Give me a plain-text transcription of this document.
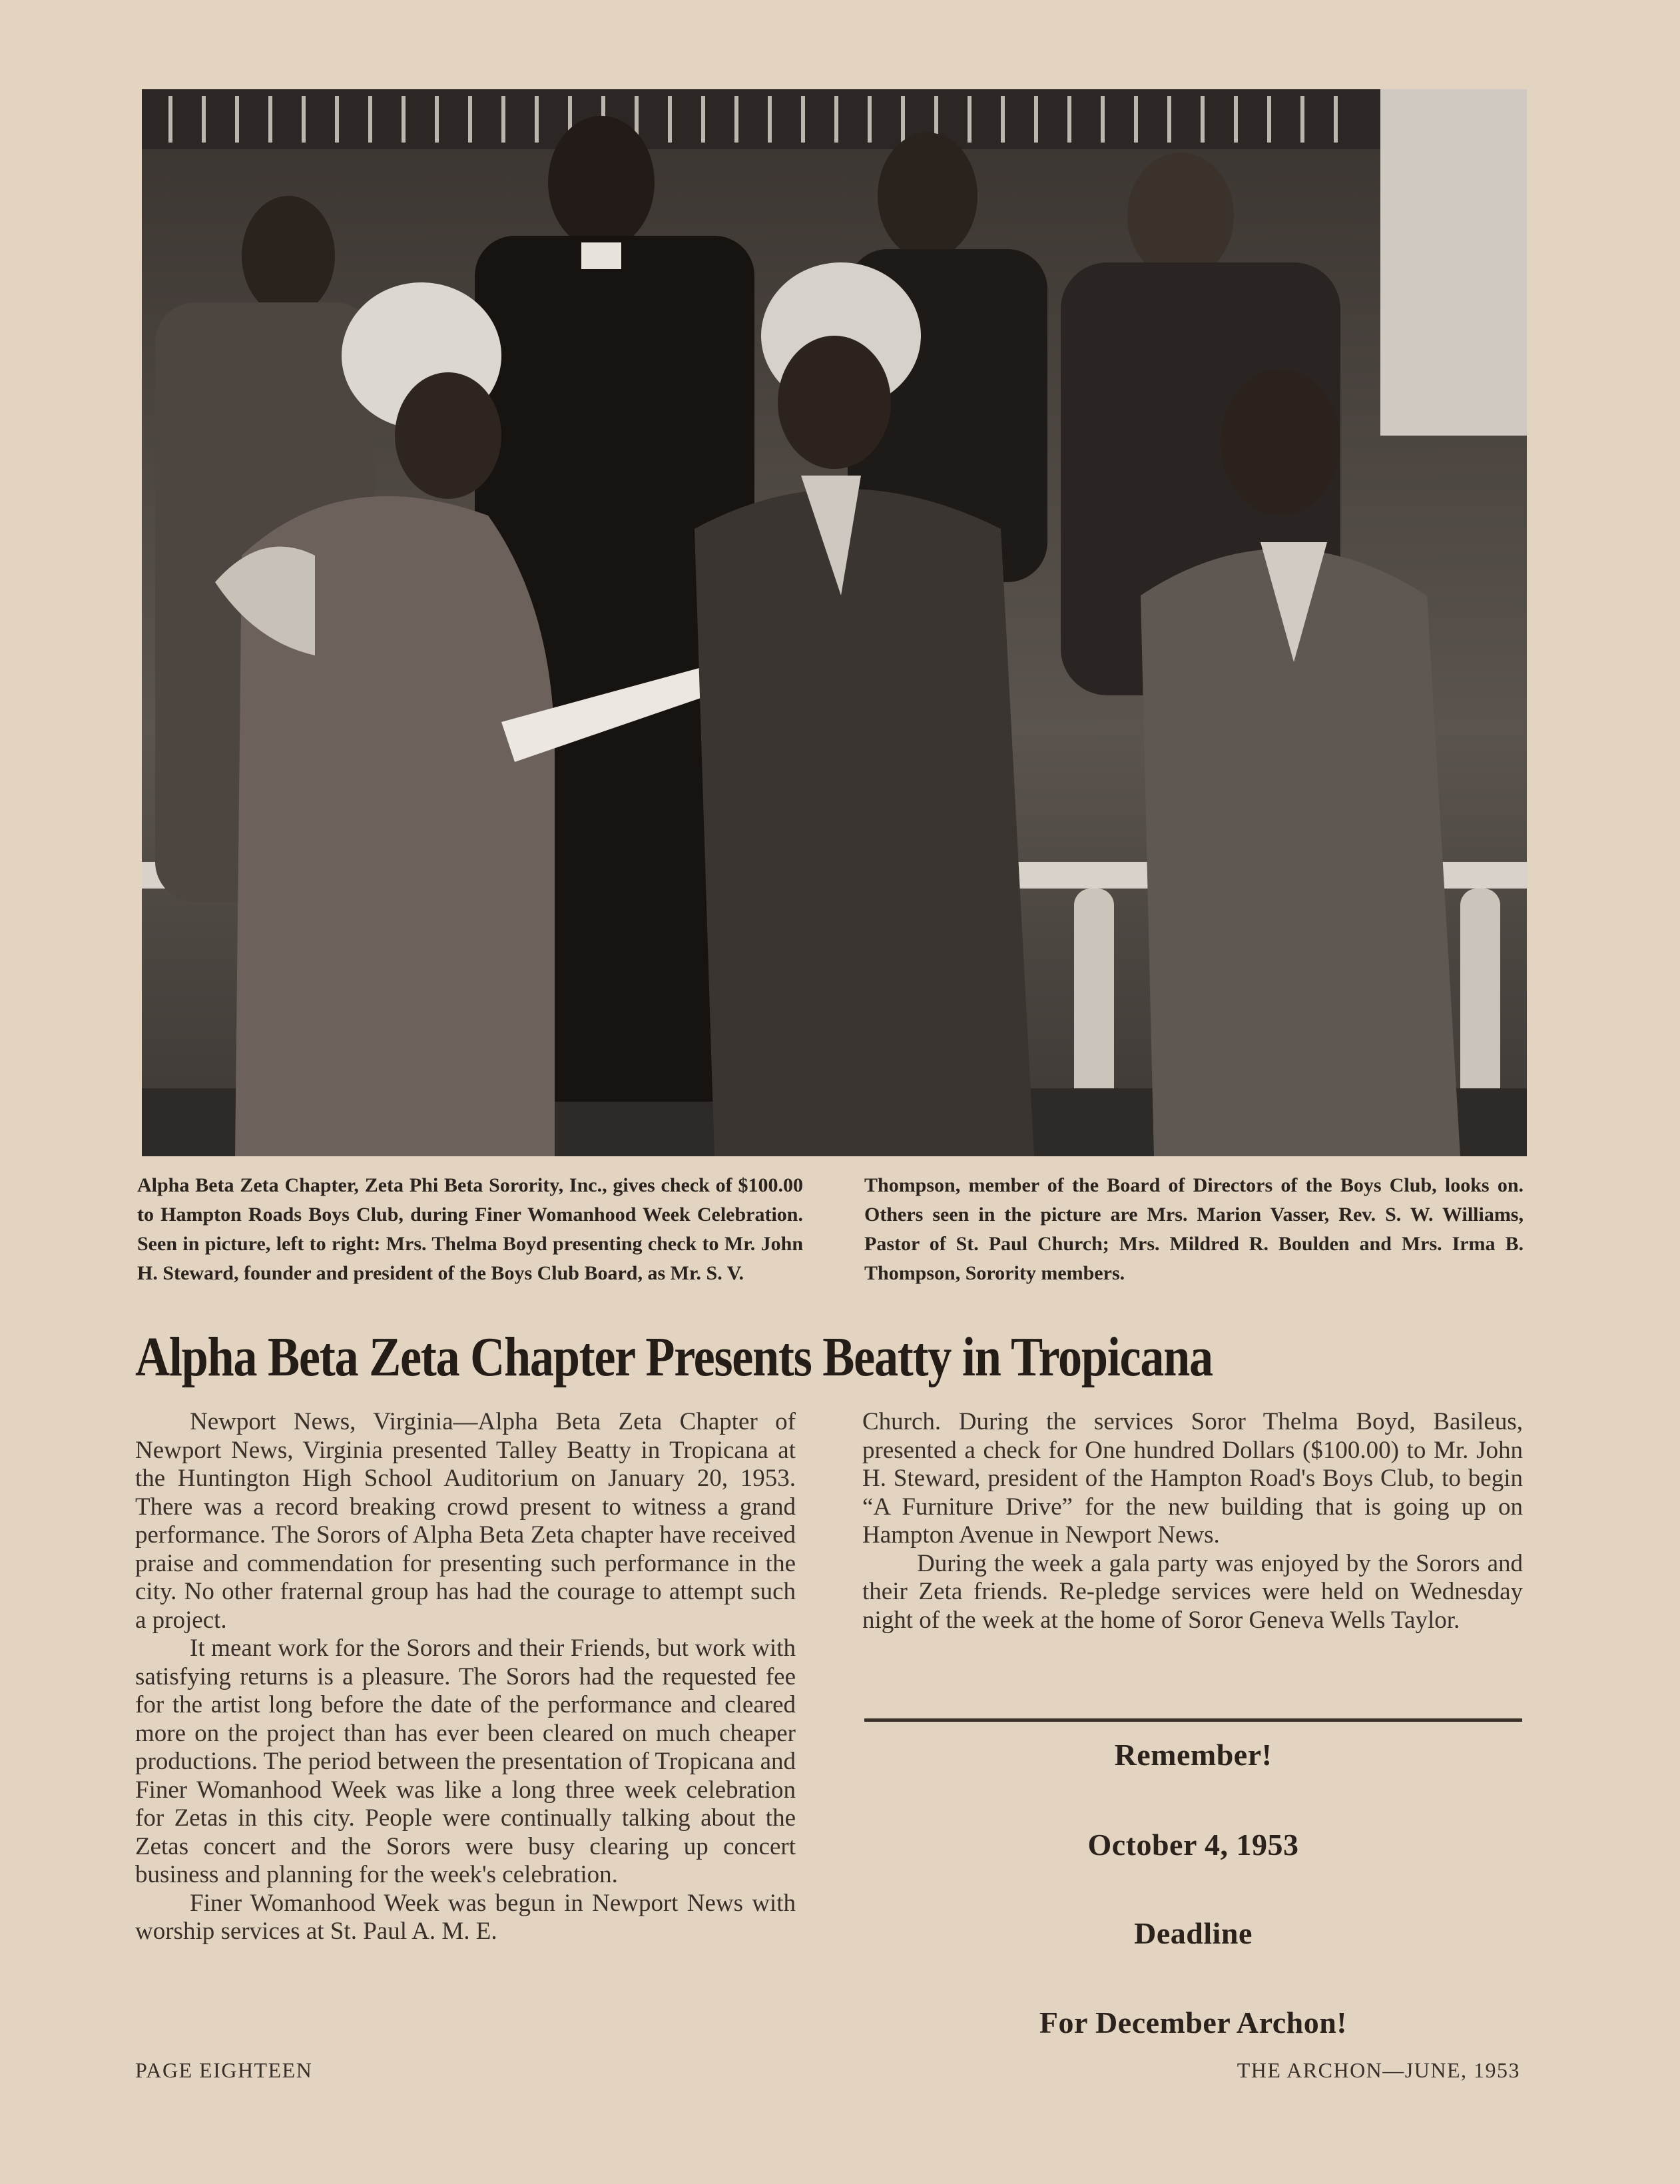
Alpha Beta Zeta Chapter, Zeta Phi Beta Sorority, Inc., gives check of $100.00 to Hampton Roads Boys Club, during Finer Womanhood Week Celebration. Seen in picture, left to right: Mrs. Thelma Boyd presenting check to Mr. John H. Steward, founder and president of the Boys Club Board, as Mr. S. V.
Thompson, member of the Board of Directors of the Boys Club, looks on. Others seen in the picture are Mrs. Marion Vasser, Rev. S. W. Williams, Pastor of St. Paul Church; Mrs. Mildred R. Boulden and Mrs. Irma B. Thompson, Sorority members.
Alpha Beta Zeta Chapter Presents Beatty in Tropicana

Newport News, Virginia—Alpha Beta Zeta Chapter of Newport News, Virginia presented Talley Beatty in Tropicana at the Huntington High School Auditorium on January 20, 1953. There was a record breaking crowd present to witness a grand performance. The Sorors of Alpha Beta Zeta chapter have received praise and commendation for presenting such performance in the city. No other fraternal group has had the courage to attempt such a project.

It meant work for the Sorors and their Friends, but work with satisfying returns is a pleasure. The Sorors had the requested fee for the artist long before the date of the performance and cleared more on the project than has ever been cleared on much cheaper productions. The period between the presentation of Tropicana and Finer Womanhood Week was like a long three week celebration for Zetas in this city. People were continually talking about the Zetas concert and the Sorors were busy clearing up concert business and planning for the week's celebration.

Finer Womanhood Week was begun in Newport News with worship services at St. Paul A. M. E.

Church. During the services Soror Thelma Boyd, Basileus, presented a check for One hundred Dollars ($100.00) to Mr. John H. Steward, president of the Hampton Road's Boys Club, to begin “A Furniture Drive” for the new building that is going up on Hampton Avenue in Newport News.

During the week a gala party was enjoyed by the Sorors and their Zeta friends. Re-pledge services were held on Wednesday night of the week at the home of Soror Geneva Wells Taylor.

Remember!
October 4, 1953
Deadline
For December Archon!
PAGE EIGHTEEN	THE ARCHON—JUNE, 1953
